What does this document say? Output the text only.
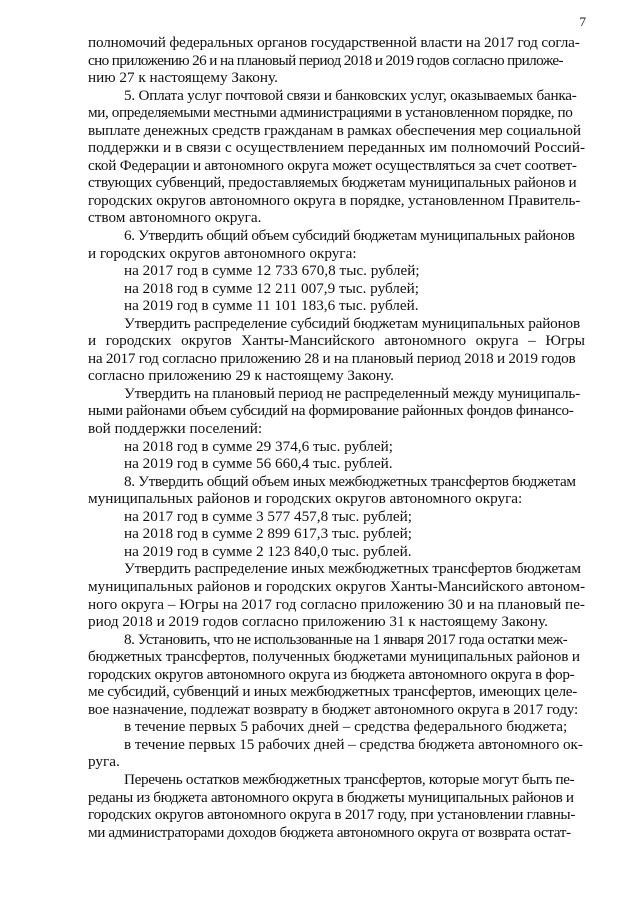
7
полномочий федеральных органов государственной власти на 2017 год согла-
сно приложению 26 и на плановый период 2018 и 2019 годов согласно приложе-
нию 27 к настоящему Закону.
5. Оплата услуг почтовой связи и банковских услуг, оказываемых банка-
ми, определяемыми местными администрациями в установленном порядке, по
выплате денежных средств гражданам в рамках обеспечения мер социальной
поддержки и в связи с осуществлением переданных им полномочий Россий-
ской Федерации и автономного округа может осуществляться за счет соответ-
ствующих субвенций, предоставляемых бюджетам муниципальных районов и
городских округов автономного округа в порядке, установленном Правитель-
ством автономного округа.
6. Утвердить общий объем субсидий бюджетам муниципальных районов
и городских округов автономного округа:
на 2017 год в сумме 12 733 670,8 тыс. рублей;
на 2018 год в сумме 12 211 007,9 тыс. рублей;
на 2019 год в сумме 11 101 183,6 тыс. рублей.
Утвердить распределение субсидий бюджетам муниципальных районов
и городских округов Ханты-Мансийского автономного округа – Югры
на 2017 год согласно приложению 28 и на плановый период 2018 и 2019 годов
согласно приложению 29 к настоящему Закону.
Утвердить на плановый период не распределенный между муниципаль-
ными районами объем субсидий на формирование районных фондов финансо-
вой поддержки поселений:
на 2018 год в сумме 29 374,6 тыс. рублей;
на 2019 год в сумме 56 660,4 тыс. рублей.
8. Утвердить общий объем иных межбюджетных трансфертов бюджетам
муниципальных районов и городских округов автономного округа:
на 2017 год в сумме 3 577 457,8 тыс. рублей;
на 2018 год в сумме 2 899 617,3 тыс. рублей;
на 2019 год в сумме 2 123 840,0 тыс. рублей.
Утвердить распределение иных межбюджетных трансфертов бюджетам
муниципальных районов и городских округов Ханты-Мансийского автоном-
ного округа – Югры на 2017 год согласно приложению 30 и на плановый пе-
риод 2018 и 2019 годов согласно приложению 31 к настоящему Закону.
8. Установить, что не использованные на 1 января 2017 года остатки меж-
бюджетных трансфертов, полученных бюджетами муниципальных районов и
городских округов автономного округа из бюджета автономного округа в фор-
ме субсидий, субвенций и иных межбюджетных трансфертов, имеющих целе-
вое назначение, подлежат возврату в бюджет автономного округа в 2017 году:
в течение первых 5 рабочих дней – средства федерального бюджета;
в течение первых 15 рабочих дней – средства бюджета автономного ок-
руга.
Перечень остатков межбюджетных трансфертов, которые могут быть пе-
реданы из бюджета автономного округа в бюджеты муниципальных районов и
городских округов автономного округа в 2017 году, при установлении главны-
ми администраторами доходов бюджета автономного округа от возврата остат-
